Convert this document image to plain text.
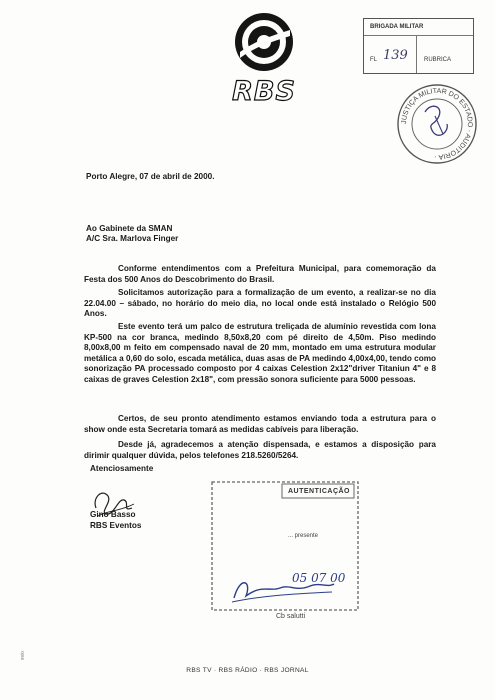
RBS
BRIGADA MILITAR
FL 139	RUBRICA
JUSTIÇA MILITAR DO ESTADO · AUDITORIA ·
Porto Alegre, 07 de abril de 2000.
Ao Gabinete da SMAN
A/C Sra. Marlova Finger
Conforme entendimentos com a Prefeitura Municipal, para comemoração da Festa dos 500 Anos do Descobrimento do Brasil.
Solicitamos autorização para a formalização de um evento, a realizar-se no dia 22.04.00 – sábado, no horário do meio dia, no local onde está instalado o Relógio 500 Anos.
Este evento terá um palco de estrutura treliçada de alumínio revestida com lona KP-500 na cor branca, medindo 8,50x8,20 com pé direito de 4,50m. Piso medindo 8,00x8,00 m feito em compensado naval de 20 mm, montado em uma estrutura modular metálica a 0,60 do solo, escada metálica, duas asas de PA medindo 4,00x4,00, tendo como sonorização PA processado composto por 4 caixas Celestion 2x12"driver Titaniun 4" e 8 caixas de graves Celestion 2x18", com pressão sonora suficiente para 5000 pessoas.
Certos, de seu pronto atendimento estamos enviando toda a estrutura para o show onde esta Secretaria tomará as medidas cabíveis para liberação.
Desde já, agradecemos a atenção dispensada, e estamos a disposição para dirimir qualquer dúvida, pelos telefones 218.5260/5264.
Atenciosamente
Gino Basso
RBS Eventos
AUTENTICAÇÃO
... presente
05 07 00
Cb salutti
99/0
RBS TV · RBS RÁDIO · RBS JORNAL
